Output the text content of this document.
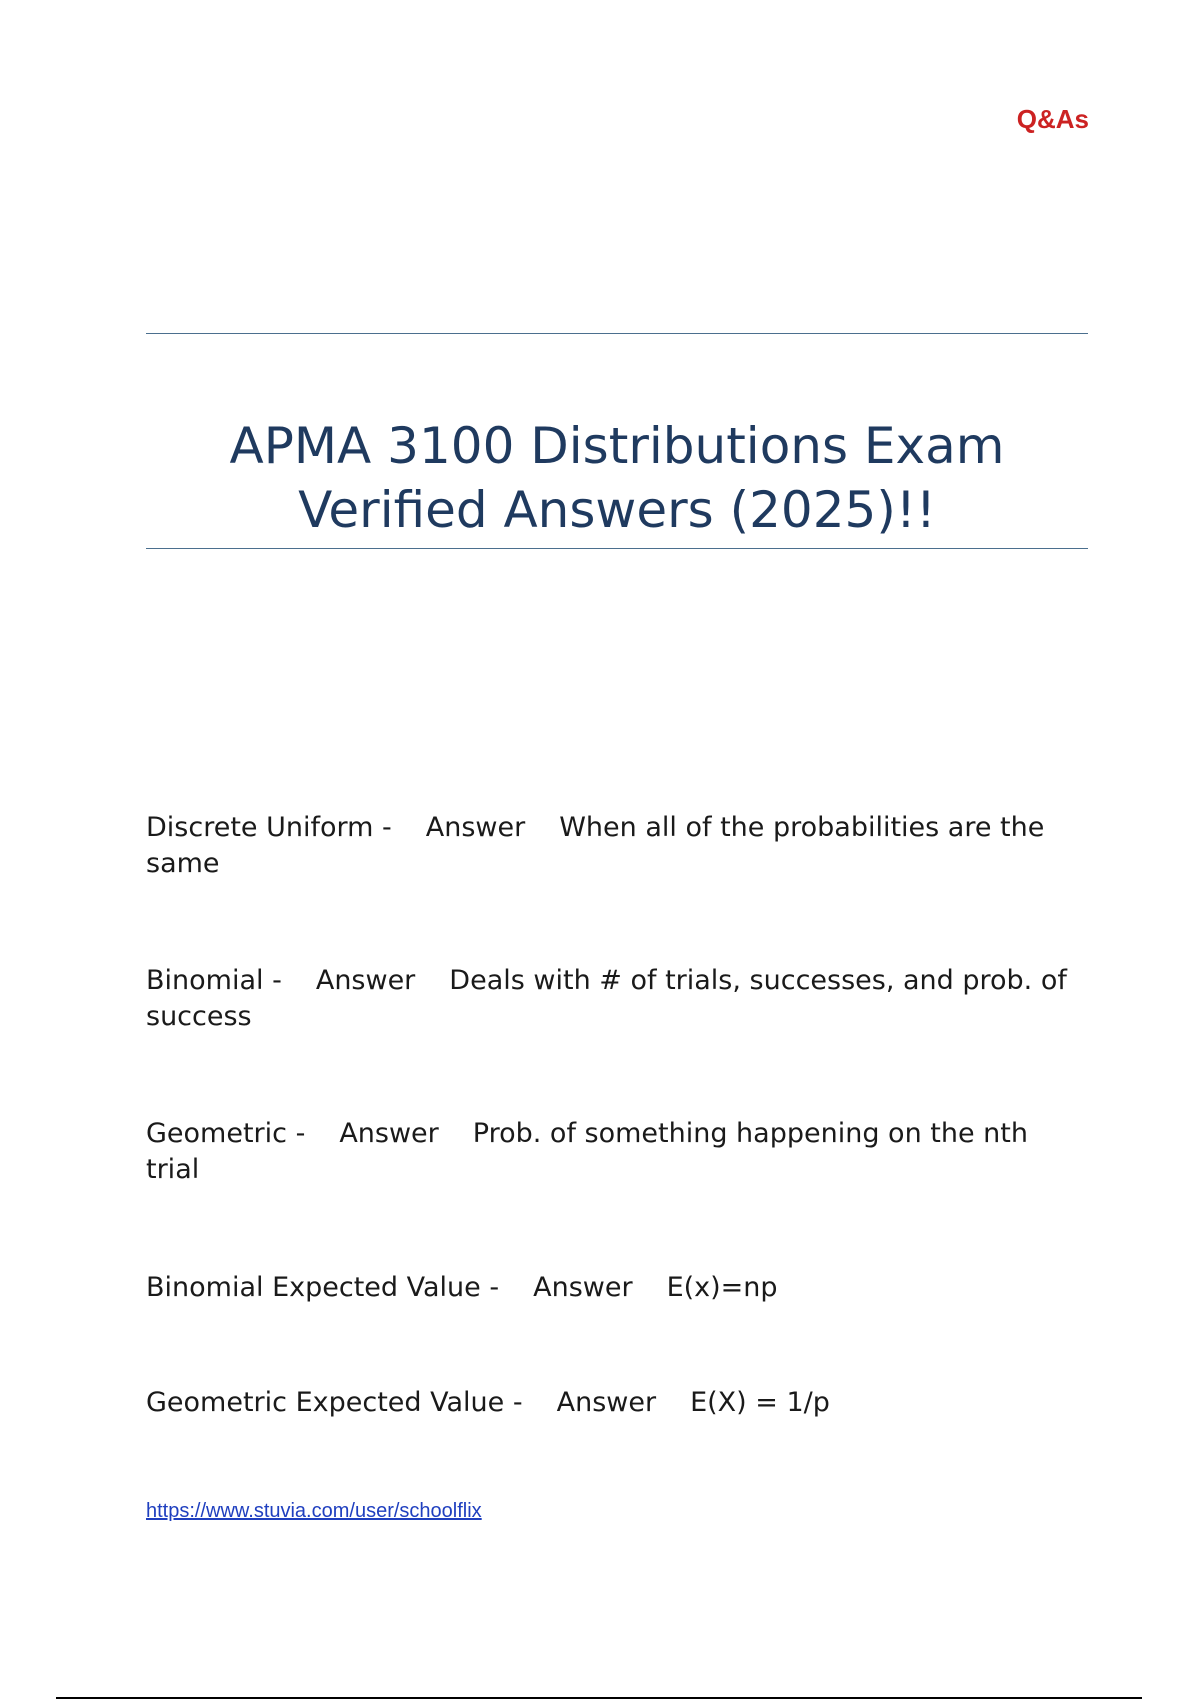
Q&As
APMA 3100 Distributions Exam
Verified Answers (2025)!!
Discrete Uniform - Answer When all of the probabilities are the same
Binomial - Answer Deals with # of trials, successes, and prob. of success
Geometric - Answer Prob. of something happening on the nth trial
Binomial Expected Value - Answer E(x)=np
Geometric Expected Value - Answer E(X) = 1/p
https://www.stuvia.com/user/schoolflix
